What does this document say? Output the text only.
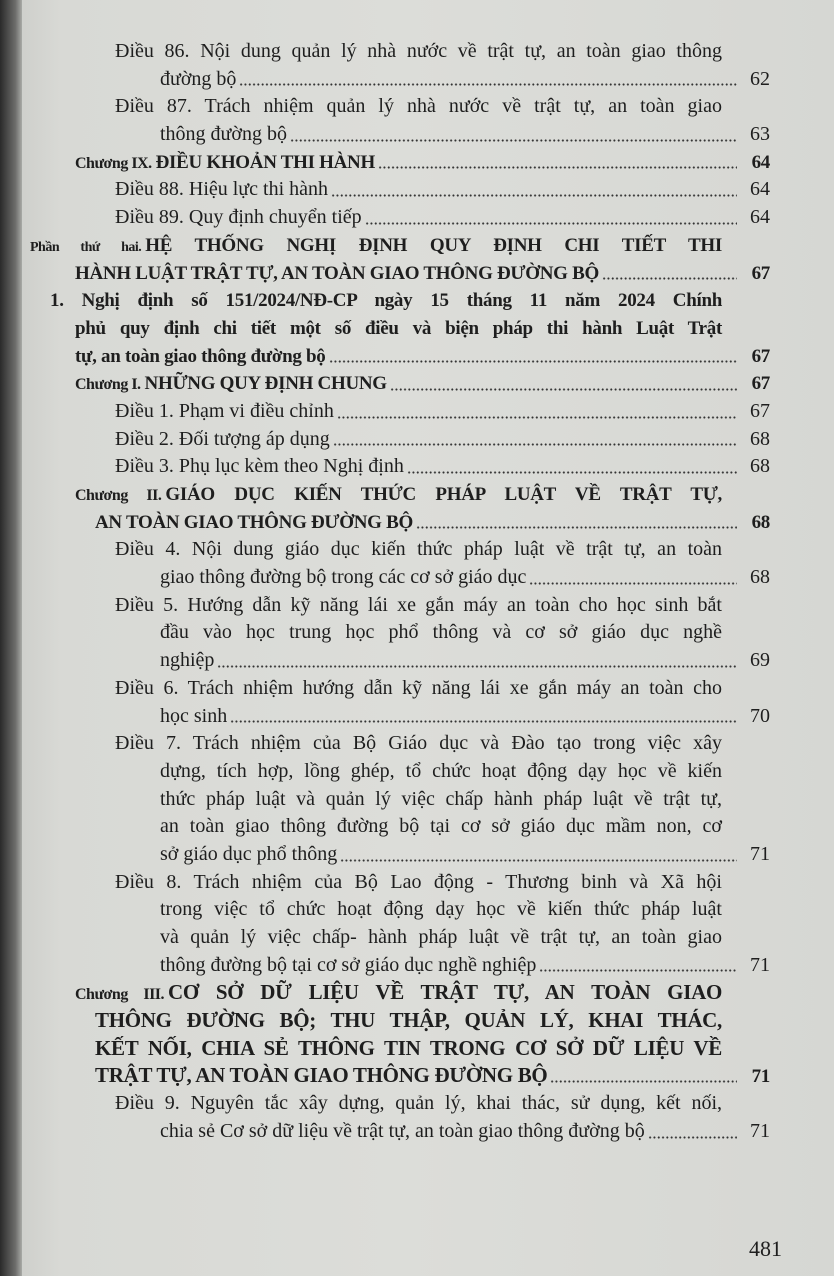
Điều 86. Nội dung quản lý nhà nước về trật tự, an toàn giao thông
đường bộ	62
Điều 87. Trách nhiệm quản lý nhà nước về trật tự, an toàn giao
thông đường bộ	63
Chương IX. ĐIỀU KHOẢN THI HÀNH	64
Điều 88. Hiệu lực thi hành	64
Điều 89. Quy định chuyển tiếp	64
Phần thứ hai. HỆ THỐNG NGHỊ ĐỊNH QUY ĐỊNH CHI TIẾT THI
HÀNH LUẬT TRẬT TỰ, AN TOÀN GIAO THÔNG ĐƯỜNG BỘ	67
1. Nghị định số 151/2024/NĐ-CP ngày 15 tháng 11 năm 2024 Chính
phủ quy định chi tiết một số điều và biện pháp thi hành Luật Trật
tự, an toàn giao thông đường bộ	67
Chương I. NHỮNG QUY ĐỊNH CHUNG	67
Điều 1. Phạm vi điều chỉnh	67
Điều 2. Đối tượng áp dụng	68
Điều 3. Phụ lục kèm theo Nghị định	68
Chương II. GIÁO DỤC KIẾN THỨC PHÁP LUẬT VỀ TRẬT TỰ,
AN TOÀN GIAO THÔNG ĐƯỜNG BỘ	68
Điều 4. Nội dung giáo dục kiến thức pháp luật về trật tự, an toàn
giao thông đường bộ trong các cơ sở giáo dục	68
Điều 5. Hướng dẫn kỹ năng lái xe gắn máy an toàn cho học sinh bắt
đầu vào học trung học phổ thông và cơ sở giáo dục nghề
nghiệp	69
Điều 6. Trách nhiệm hướng dẫn kỹ năng lái xe gắn máy an toàn cho
học sinh	70
Điều 7. Trách nhiệm của Bộ Giáo dục và Đào tạo trong việc xây
dựng, tích hợp, lồng ghép, tổ chức hoạt động dạy học về kiến
thức pháp luật và quản lý việc chấp hành pháp luật về trật tự,
an toàn giao thông đường bộ tại cơ sở giáo dục mầm non, cơ
sở giáo dục phổ thông	71
Điều 8. Trách nhiệm của Bộ Lao động - Thương binh và Xã hội
trong việc tổ chức hoạt động dạy học về kiến thức pháp luật
và quản lý việc chấp- hành pháp luật về trật tự, an toàn giao
thông đường bộ tại cơ sở giáo dục nghề nghiệp	71
Chương III. CƠ SỞ DỮ LIỆU VỀ TRẬT TỰ, AN TOÀN GIAO
THÔNG ĐƯỜNG BỘ; THU THẬP, QUẢN LÝ, KHAI THÁC,
KẾT NỐI, CHIA SẺ THÔNG TIN TRONG CƠ SỞ DỮ LIỆU VỀ
TRẬT TỰ, AN TOÀN GIAO THÔNG ĐƯỜNG BỘ	71
Điều 9. Nguyên tắc xây dựng, quản lý, khai thác, sử dụng, kết nối,
chia sẻ Cơ sở dữ liệu về trật tự, an toàn giao thông đường bộ	71
481
